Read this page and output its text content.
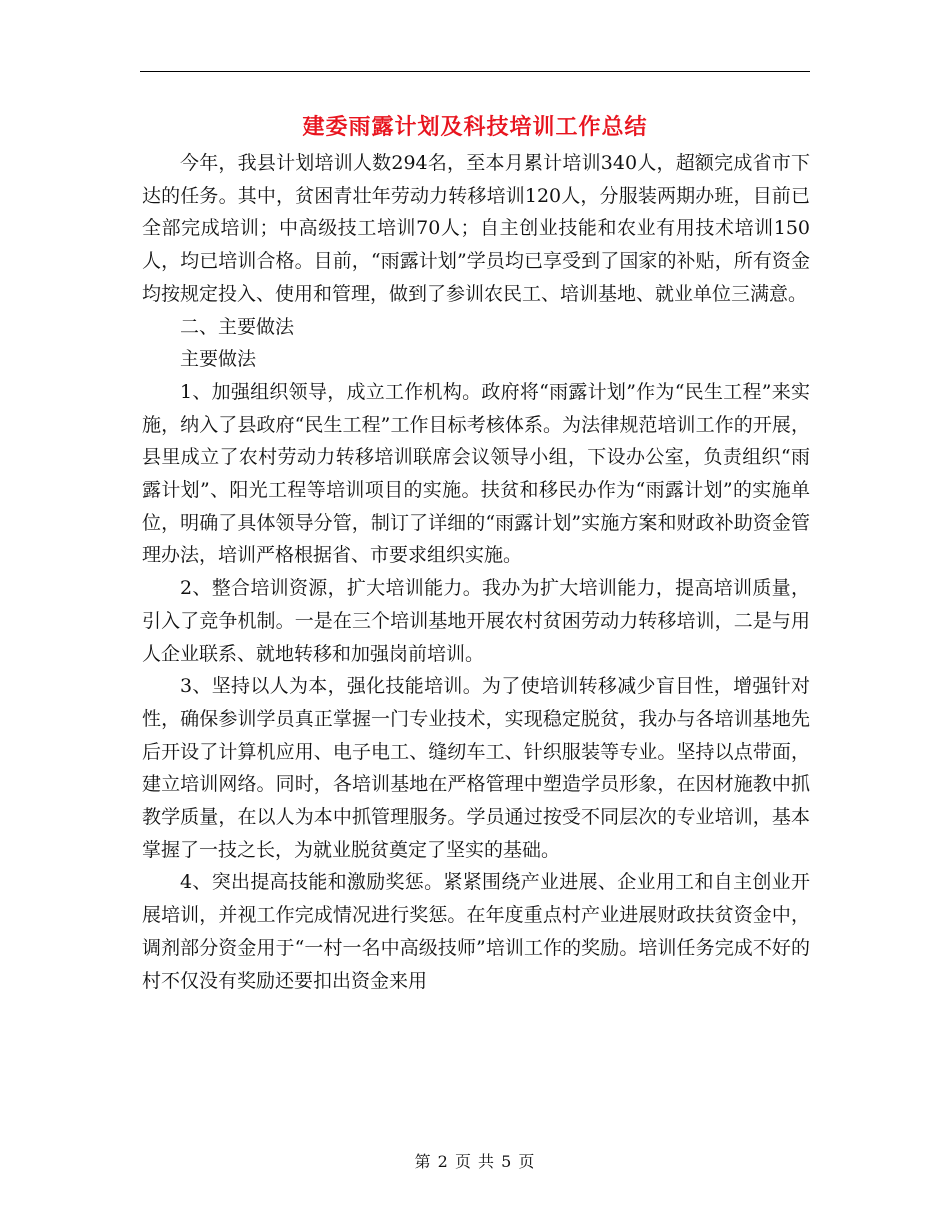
建委雨露计划及科技培训工作总结

今年，我县计划培训人数294名，至本月累计培训340人，超额完成省市下达的任务。其中，贫困青壮年劳动力转移培训120人，分服装两期办班，目前已全部完成培训；中高级技工培训70人；自主创业技能和农业有用技术培训150人，均已培训合格。目前，“雨露计划”学员均已享受到了国家的补贴，所有资金均按规定投入、使用和管理，做到了参训农民工、培训基地、就业单位三满意。

二、主要做法

主要做法

1、加强组织领导，成立工作机构。政府将“雨露计划”作为“民生工程”来实施，纳入了县政府“民生工程”工作目标考核体系。为法律规范培训工作的开展，县里成立了农村劳动力转移培训联席会议领导小组，下设办公室，负责组织“雨露计划”、阳光工程等培训项目的实施。扶贫和移民办作为“雨露计划”的实施单位，明确了具体领导分管，制订了详细的“雨露计划”实施方案和财政补助资金管理办法，培训严格根据省、市要求组织实施。

2、整合培训资源，扩大培训能力。我办为扩大培训能力，提高培训质量，引入了竞争机制。一是在三个培训基地开展农村贫困劳动力转移培训，二是与用人企业联系、就地转移和加强岗前培训。

3、坚持以人为本，强化技能培训。为了使培训转移减少盲目性，增强针对性，确保参训学员真正掌握一门专业技术，实现稳定脱贫，我办与各培训基地先后开设了计算机应用、电子电工、缝纫车工、针织服装等专业。坚持以点带面，建立培训网络。同时，各培训基地在严格管理中塑造学员形象，在因材施教中抓教学质量，在以人为本中抓管理服务。学员通过按受不同层次的专业培训，基本掌握了一技之长，为就业脱贫奠定了坚实的基础。

4、突出提高技能和激励奖惩。紧紧围绕产业进展、企业用工和自主创业开展培训，并视工作完成情况进行奖惩。在年度重点村产业进展财政扶贫资金中，调剂部分资金用于“一村一名中高级技师”培训工作的奖励。培训任务完成不好的村不仅没有奖励还要扣出资金来用

第 2 页 共 5 页
